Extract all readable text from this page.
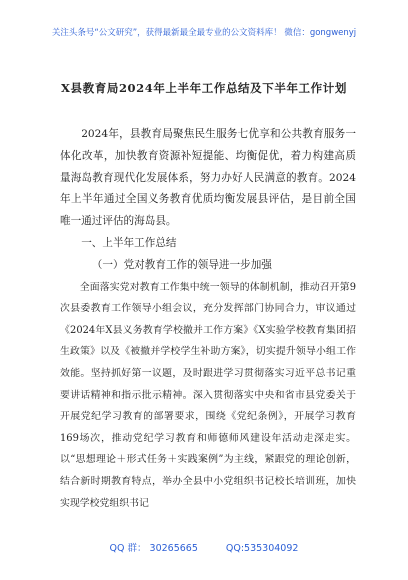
关注头条号“公文研究”，获得最新最全最专业的公文资料库！ 微信：gongwenyj
X县教育局2024年上半年工作总结及下半年工作计划

2024年，县教育局聚焦民生服务七优享和公共教育服务一体化改革，加快教育资源补短提能、均衡促优，着力构建高质量海岛教育现代化发展体系，努力办好人民满意的教育。2024年上半年通过全国义务教育优质均衡发展县评估，是目前全国唯一通过评估的海岛县。

一、上半年工作总结

（一）党对教育工作的领导进一步加强

全面落实党对教育工作集中统一领导的体制机制，推动召开第9次县委教育工作领导小组会议，充分发挥部门协同合力，审议通过《2024年X县义务教育学校撤并工作方案》《X实验学校教育集团招生政策》以及《被撤并学校学生补助方案》，切实提升领导小组工作效能。坚持抓好第一议题，及时跟进学习贯彻落实习近平总书记重要讲话精神和指示批示精神。深入贯彻落实中央和省市县党委关于开展党纪学习教育的部署要求，围绕《党纪条例》，开展学习教育169场次，推动党纪学习教育和师德师风建设年活动走深走实。以“思想理论＋形式任务＋实践案例”为主线，紧跟党的理论创新，结合新时期教育特点，举办全县中小党组织书记校长培训班，加快实现学校党组织书记

QQ 群： 30265665	QQ:535304092
